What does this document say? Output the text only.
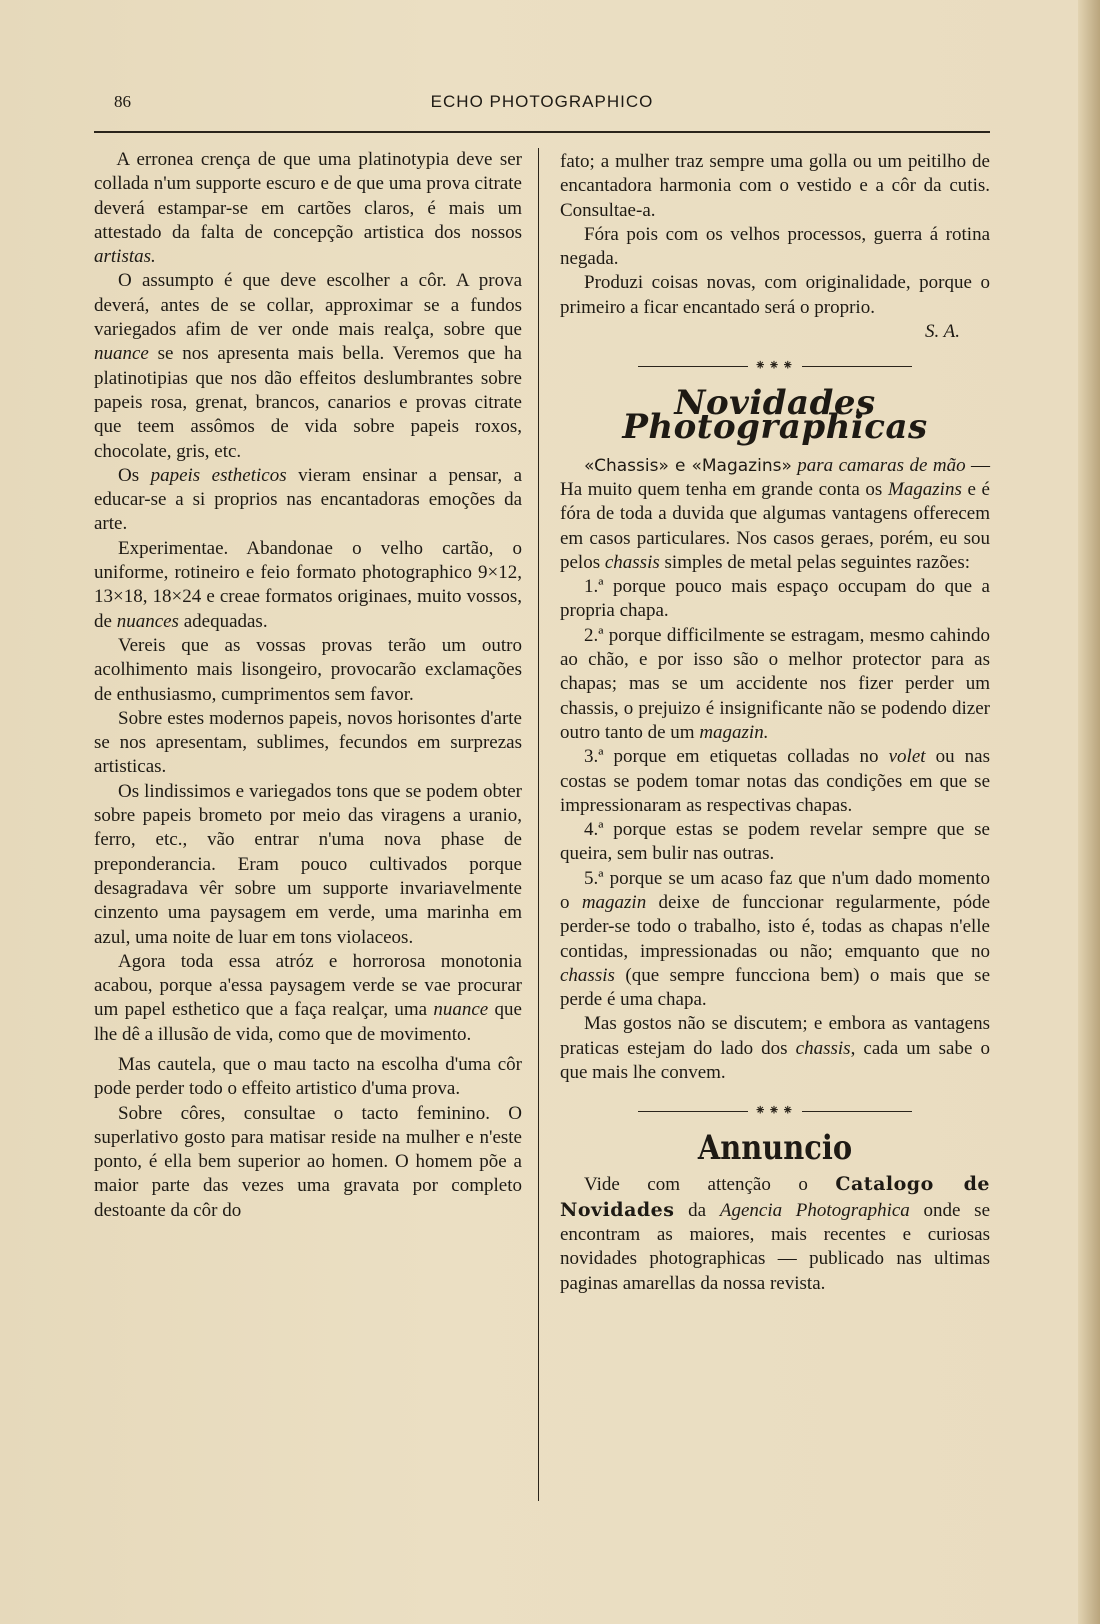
86	ECHO PHOTOGRAPHICO

A erronea crença de que uma platinotypia deve ser collada n'um supporte escuro e de que uma prova citrate deverá estampar-se em cartões claros, é mais um attestado da falta de concepção artistica dos nossos artistas.

O assumpto é que deve escolher a côr. A prova deverá, antes de se collar, approximar se a fundos variegados afim de ver onde mais realça, sobre que nuance se nos apresenta mais bella. Veremos que ha platinotipias que nos dão effeitos deslumbrantes sobre papeis rosa, grenat, brancos, canarios e provas citrate que teem assômos de vida sobre papeis roxos, chocolate, gris, etc.

Os papeis estheticos vieram ensinar a pensar, a educar-se a si proprios nas encantadoras emoções da arte.

Experimentae. Abandonae o velho cartão, o uniforme, rotineiro e feio formato photographico 9×12, 13×18, 18×24 e creae formatos originaes, muito vossos, de nuances adequadas.

Vereis que as vossas provas terão um outro acolhimento mais lisongeiro, provocarão exclamações de enthusiasmo, cumprimentos sem favor.

Sobre estes modernos papeis, novos horisontes d'arte se nos apresentam, sublimes, fecundos em surprezas artisticas.

Os lindissimos e variegados tons que se podem obter sobre papeis brometo por meio das viragens a uranio, ferro, etc., vão entrar n'uma nova phase de preponderancia. Eram pouco cultivados porque desagradava vêr sobre um supporte invariavelmente cinzento uma paysagem em verde, uma marinha em azul, uma noite de luar em tons violaceos.

Agora toda essa atróz e horrorosa monotonia acabou, porque a'essa paysagem verde se vae procurar um papel esthetico que a faça realçar, uma nuance que lhe dê a illusão de vida, como que de movimento.

Mas cautela, que o mau tacto na escolha d'uma côr pode perder todo o effeito artistico d'uma prova.

Sobre côres, consultae o tacto feminino. O superlativo gosto para matisar reside na mulher e n'este ponto, é ella bem superior ao homen. O homem põe a maior parte das vezes uma gravata por completo destoante da côr do

fato; a mulher traz sempre uma golla ou um peitilho de encantadora harmonia com o vestido e a côr da cutis. Consultae-a.

Fóra pois com os velhos processos, guerra á rotina negada.

Produzi coisas novas, com originalidade, porque o primeiro a ficar encantado será o proprio.

S. A.
⁕⁕⁕
Novidades Photographicas

«Chassis» e «Magazins» para camaras de mão — Ha muito quem tenha em grande conta os Magazins e é fóra de toda a duvida que algumas vantagens offerecem em casos particulares. Nos casos geraes, porém, eu sou pelos chassis simples de metal pelas seguintes razões:

1.ª porque pouco mais espaço occupam do que a propria chapa.

2.ª porque difficilmente se estragam, mesmo cahindo ao chão, e por isso são o melhor protector para as chapas; mas se um accidente nos fizer perder um chassis, o prejuizo é insignificante não se podendo dizer outro tanto de um magazin.

3.ª porque em etiquetas colladas no volet ou nas costas se podem tomar notas das condições em que se impressionaram as respectivas chapas.

4.ª porque estas se podem revelar sempre que se queira, sem bulir nas outras.

5.ª porque se um acaso faz que n'um dado momento o magazin deixe de funccionar regularmente, póde perder-se todo o trabalho, isto é, todas as chapas n'elle contidas, impressionadas ou não; emquanto que no chassis (que sempre funcciona bem) o mais que se perde é uma chapa.

Mas gostos não se discutem; e embora as vantagens praticas estejam do lado dos chassis, cada um sabe o que mais lhe convem.

⁕⁕⁕
Annuncio

Vide com attenção o Catalogo de Novidades da Agencia Photographica onde se encontram as maiores, mais recentes e curiosas novidades photographicas — publicado nas ultimas paginas amarellas da nossa revista.
